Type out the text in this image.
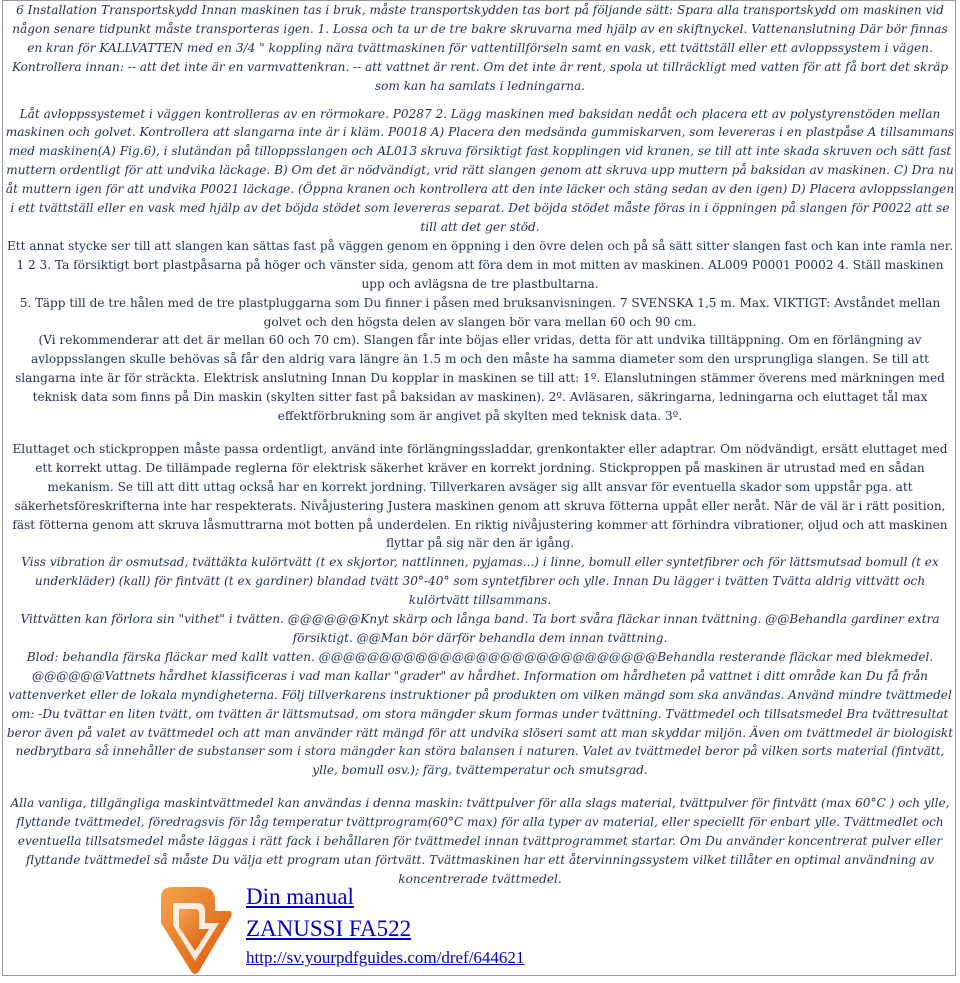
6 Installation Transportskydd Innan maskinen tas i bruk, måste transportskydden tas bort på följande sätt: Spara alla transportskydd om maskinen vid någon senare tidpunkt måste transporteras igen. 1. Lossa och ta ur de tre bakre skruvarna med hjälp av en skiftnyckel. Vattenanslutning Där bör finnas en kran för KALLVATTEN med en 3/4 " koppling nära tvättmaskinen för vattentillförseln samt en vask, ett tvättställ eller ett avloppssystem i vägen. Kontrollera innan: -- att det inte är en varmvattenkran. -- att vattnet är rent. Om det inte är rent, spola ut tillräckligt med vatten för att få bort det skräp som kan ha samlats i ledningarna.

Låt avloppssystemet i väggen kontrolleras av en rörmokare. P0287 2. Lägg maskinen med baksidan nedåt och placera ett av polystyrenstöden mellan maskinen och golvet. Kontrollera att slangarna inte är i kläm. P0018 A) Placera den medsända gummiskarven, som levereras i en plastpåse A tillsammans med maskinen(A) Fig.6), i slutändan på tilloppsslangen och AL013 skruva försiktigt fast kopplingen vid kranen, se till att inte skada skruven och sätt fast muttern ordentligt för att undvika läckage. B) Om det är nödvändigt, vrid rätt slangen genom att skruva upp muttern på baksidan av maskinen. C) Dra nu åt muttern igen för att undvika P0021 läckage. (Öppna kranen och kontrollera att den inte läcker och stäng sedan av den igen) D) Placera avloppsslangen i ett tvättställ eller en vask med hjälp av det böjda stödet som levereras separat. Det böjda stödet måste föras in i öppningen på slangen för P0022 att se till att det ger stöd.

Ett annat stycke ser till att slangen kan sättas fast på väggen genom en öppning i den övre delen och på så sätt sitter slangen fast och kan inte ramla ner. 1 2 3. Ta försiktigt bort plastpåsarna på höger och vänster sida, genom att föra dem in mot mitten av maskinen. AL009 P0001 P0002 4. Ställ maskinen upp och avlägsna de tre plastbultarna.

5. Täpp till de tre hålen med de tre plastpluggarna som Du finner i påsen med bruksanvisningen. 7 SVENSKA 1,5 m. Max. VIKTIGT: Avståndet mellan golvet och den högsta delen av slangen bör vara mellan 60 och 90 cm.

(Vi rekommenderar att det är mellan 60 och 70 cm). Slangen får inte böjas eller vridas, detta för att undvika tilltäppning. Om en förlängning av avloppsslangen skulle behövas så får den aldrig vara längre än 1.5 m och den måste ha samma diameter som den ursprungliga slangen. Se till att slangarna inte är för sträckta. Elektrisk anslutning Innan Du kopplar in maskinen se till att: 1º. Elanslutningen stämmer överens med märkningen med teknisk data som finns på Din maskin (skylten sitter fast på baksidan av maskinen). 2º. Avläsaren, säkringarna, ledningarna och eluttaget tål max effektförbrukning som är angivet på skylten med teknisk data. 3º.

Eluttaget och stickproppen måste passa ordentligt, använd inte förlängningssladdar, grenkontakter eller adaptrar. Om nödvändigt, ersätt eluttaget med ett korrekt uttag. De tillämpade reglerna för elektrisk säkerhet kräver en korrekt jordning. Stickproppen på maskinen är utrustad med en sådan mekanism. Se till att ditt uttag också har en korrekt jordning. Tillverkaren avsäger sig allt ansvar för eventuella skador som uppstår pga. att säkerhetsföreskrifterna inte har respekterats. Nivåjustering Justera maskinen genom att skruva fötterna uppåt eller neråt. När de väl är i rätt position, fäst fötterna genom att skruva låsmuttrarna mot botten på underdelen. En riktig nivåjustering kommer att förhindra vibrationer, oljud och att maskinen flyttar på sig när den är igång.

Viss vibration är osmutsad, tvättäkta kulörtvätt (t ex skjortor, nattlinnen, pyjamas...) i linne, bomull eller syntetfibrer och för lättsmutsad bomull (t ex underkläder) (kall) för fintvätt (t ex gardiner) blandad tvätt 30°-40° som syntetfibrer och ylle. Innan Du lägger i tvätten Tvätta aldrig vittvätt och kulörtvätt tillsammans.

Vittvätten kan förlora sin "vithet" i tvätten. @@@@@@Knyt skärp och långa band. Ta bort svåra fläckar innan tvättning. @@Behandla gardiner extra försiktigt. @@Man bör därför behandla dem innan tvättning.

Blod: behandla färska fläckar med kallt vatten. @@@@@@@@@@@@@@@@@@@@@@@@@@@@Behandla resterande fläckar med blekmedel. @@@@@@Vattnets hårdhet klassificeras i vad man kallar "grader" av hårdhet. Information om hårdheten på vattnet i ditt område kan Du få från vattenverket eller de lokala myndigheterna. Följ tillverkarens instruktioner på produkten om vilken mängd som ska användas. Använd mindre tvättmedel om: -Du tvättar en liten tvätt, om tvätten är lättsmutsad, om stora mängder skum formas under tvättning. Tvättmedel och tillsatsmedel Bra tvättresultat beror även på valet av tvättmedel och att man använder rätt mängd för att undvika slöseri samt att man skyddar miljön. Även om tvättmedel är biologiskt nedbrytbara så innehåller de substanser som i stora mängder kan störa balansen i naturen. Valet av tvättmedel beror på vilken sorts material (fintvätt, ylle, bomull osv.); färg, tvättemperatur och smutsgrad.

Alla vanliga, tillgängliga maskintvättmedel kan användas i denna maskin: tvättpulver för alla slags material, tvättpulver för fintvätt (max 60°C ) och ylle, flyttande tvättmedel, föredragsvis för låg temperatur tvättprogram(60°C max) för alla typer av material, eller speciellt för enbart ylle. Tvättmedlet och eventuella tillsatsmedel måste läggas i rätt fack i behållaren för tvättmedel innan tvättprogrammet startar. Om Du använder koncentrerat pulver eller flyttande tvättmedel så måste Du välja ett program utan förtvätt. Tvättmaskinen har ett återvinningssystem vilket tillåter en optimal användning av koncentrerade tvättmedel.

Din manual
ZANUSSI FA522
http://sv.yourpdfguides.com/dref/644621
